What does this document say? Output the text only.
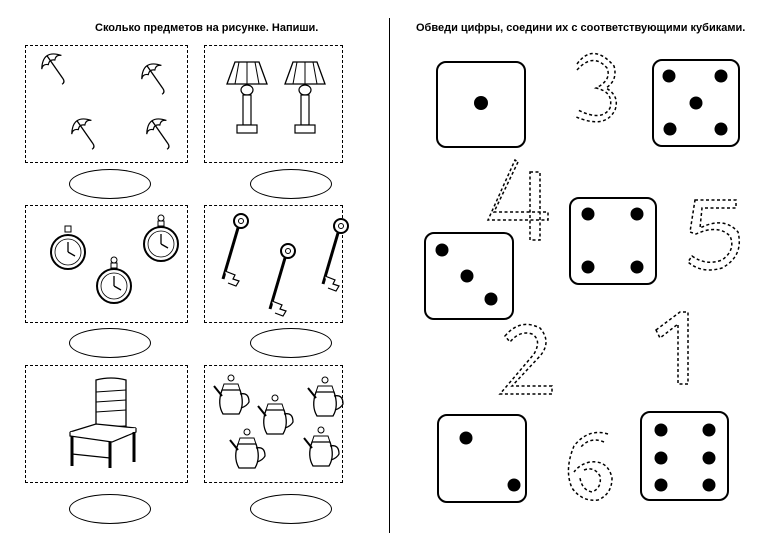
Сколько предметов на рисунке. Напиши.	Обведи цифры, соедини их с соответствующими кубиками.
